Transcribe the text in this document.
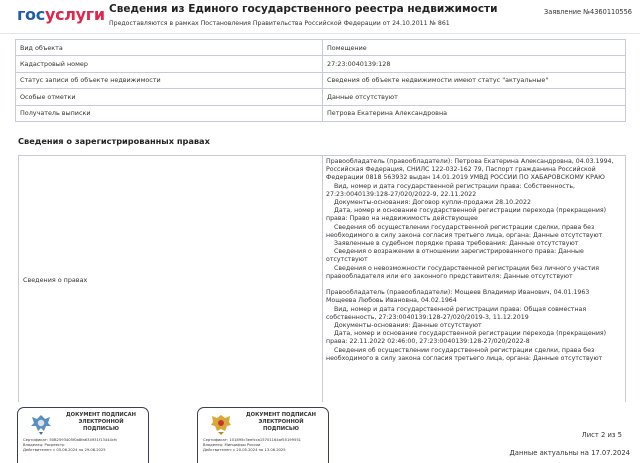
госуслуги Сведения из Единого государственного реестра недвижимости
Предоставляются в рамках Постановления Правительства Российской Федерации от 24.10.2011 № 861
Заявление №4360110556
Вид объекта	Помещение
Кадастровый номер	27:23:0040139:128
Статус записи об объекте недвижимости	Сведения об объекте недвижимости имеют статус "актуальные"
Особые отметки	Данные отсутствуют
Получатель выписки	Петрова Екатерина Александровна
Сведения о зарегистрированных правах
Сведения о правах

Правообладатель (правообладатели): Петрова Екатерина Александровна, 04.03.1994, Российская Федерация, СНИЛС 122-032-162 79, Паспорт гражданина Российской Федерации 0818 563932 выдан 14.01.2019 УМВД РОССИИ ПО ХАБАРОВСКОМУ КРАЮ

Вид, номер и дата государственной регистрации права: Собственность, 27:23:0040139:128-27/020/2022-9, 22.11.2022

Документы-основания: Договор купли-продажи 28.10.2022

Дата, номер и основание государственной регистрации перехода (прекращения) права: Право на недвижимость действующее

Сведения об осуществлении государственной регистрации сделки, права без необходимого в силу закона согласия третьего лица, органа: Данные отсутствуют

Заявленные в судебном порядке права требования: Данные отсутствуют

Сведения о возражении в отношении зарегистрированного права: Данные отсутствуют

Сведения о невозможности государственной регистрации без личного участия правообладателя или его законного представителя: Данные отсутствуют

Правообладатель (правообладатели): Мощеев Владимир Иванович, 04.01.1963

Мощеева Любовь Ивановна, 04.02.1964

Вид, номер и дата государственной регистрации права: Общая совместная собственность, 27:23:0040139:128-27/020/2019-3, 11.12.2019

Документы-основания: Данные отсутствуют

Дата, номер и основание государственной регистрации перехода (прекращения) права: 22.11.2022 02:46:00, 27:23:0040139:128-27/020/2022-8

Сведения об осуществлении государственной регистрации сделки, права без необходимого в силу закона согласия третьего лица, органа: Данные отсутствуют

ДОКУМЕНТ ПОДПИСАН
ЭЛЕКТРОННОЙ
ПОДПИСЬЮ
Сертификат: 50B2593405f0a8fa634931f13444cfc
Владелец: Росреестр
Действителен: с 05.06.2024 по 29.08.2025
ДОКУМЕНТ ПОДПИСАН
ЭЛЕКТРОННОЙ
ПОДПИСЬЮ
Сертификат: 101895c3eefcca15701164af55199551
Владелец: Минцифры России
Действителен: с 20.05.2024 по 13.06.2025
Лист 2 из 5
Данные актуальны на 17.07.2024
